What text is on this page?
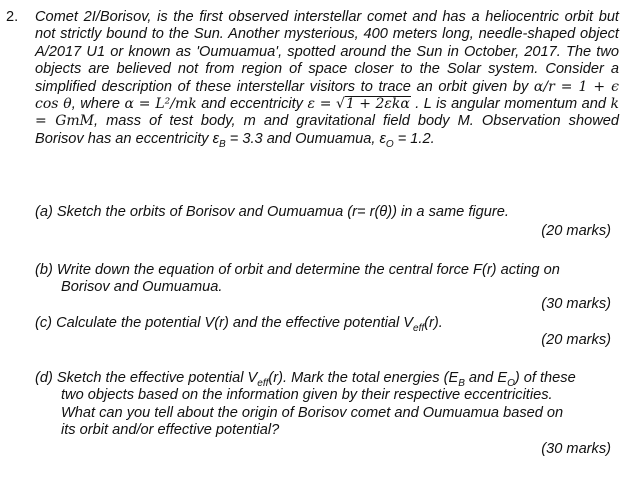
2. Comet 2I/Borisov, is the first observed interstellar comet and has a heliocentric orbit but not strictly bound to the Sun. Another mysterious, 400 meters long, needle-shaped object A/2017 U1 or known as 'Oumuamua', spotted around the Sun in October, 2017. The two objects are believed not from region of space closer to the Solar system. Consider a simplified description of these interstellar visitors to trace an orbit given by α/r = 1 + ϵ cos θ, where α = L²/mk and eccentricity ε = √1 + 2εkα . L is angular momentum and k = GmM, mass of test body, m and gravitational field body M. Observation showed Borisov has an eccentricity $\varepsilon_B = 3.3$ and Oumuamua, $\varepsilon_O = 1.2$.

(a) Sketch the orbits of Borisov and Oumuamua (r= r(θ)) in a same figure.

(20 marks)

(b) Write down the equation of orbit and determine the central force F(r) acting on
Borisov and Oumuamua.

(30 marks)

(c) Calculate the potential V(r) and the effective potential $V_{eff}(r)$.

(20 marks)

(d) Sketch the effective potential $V_{eff}(r)$. Mark the total energies ($E_B$ and $E_O$) of these
two objects based on the information given by their respective eccentricities.
What can you tell about the origin of Borisov comet and Oumuamua based on
its orbit and/or effective potential?

(30 marks)
